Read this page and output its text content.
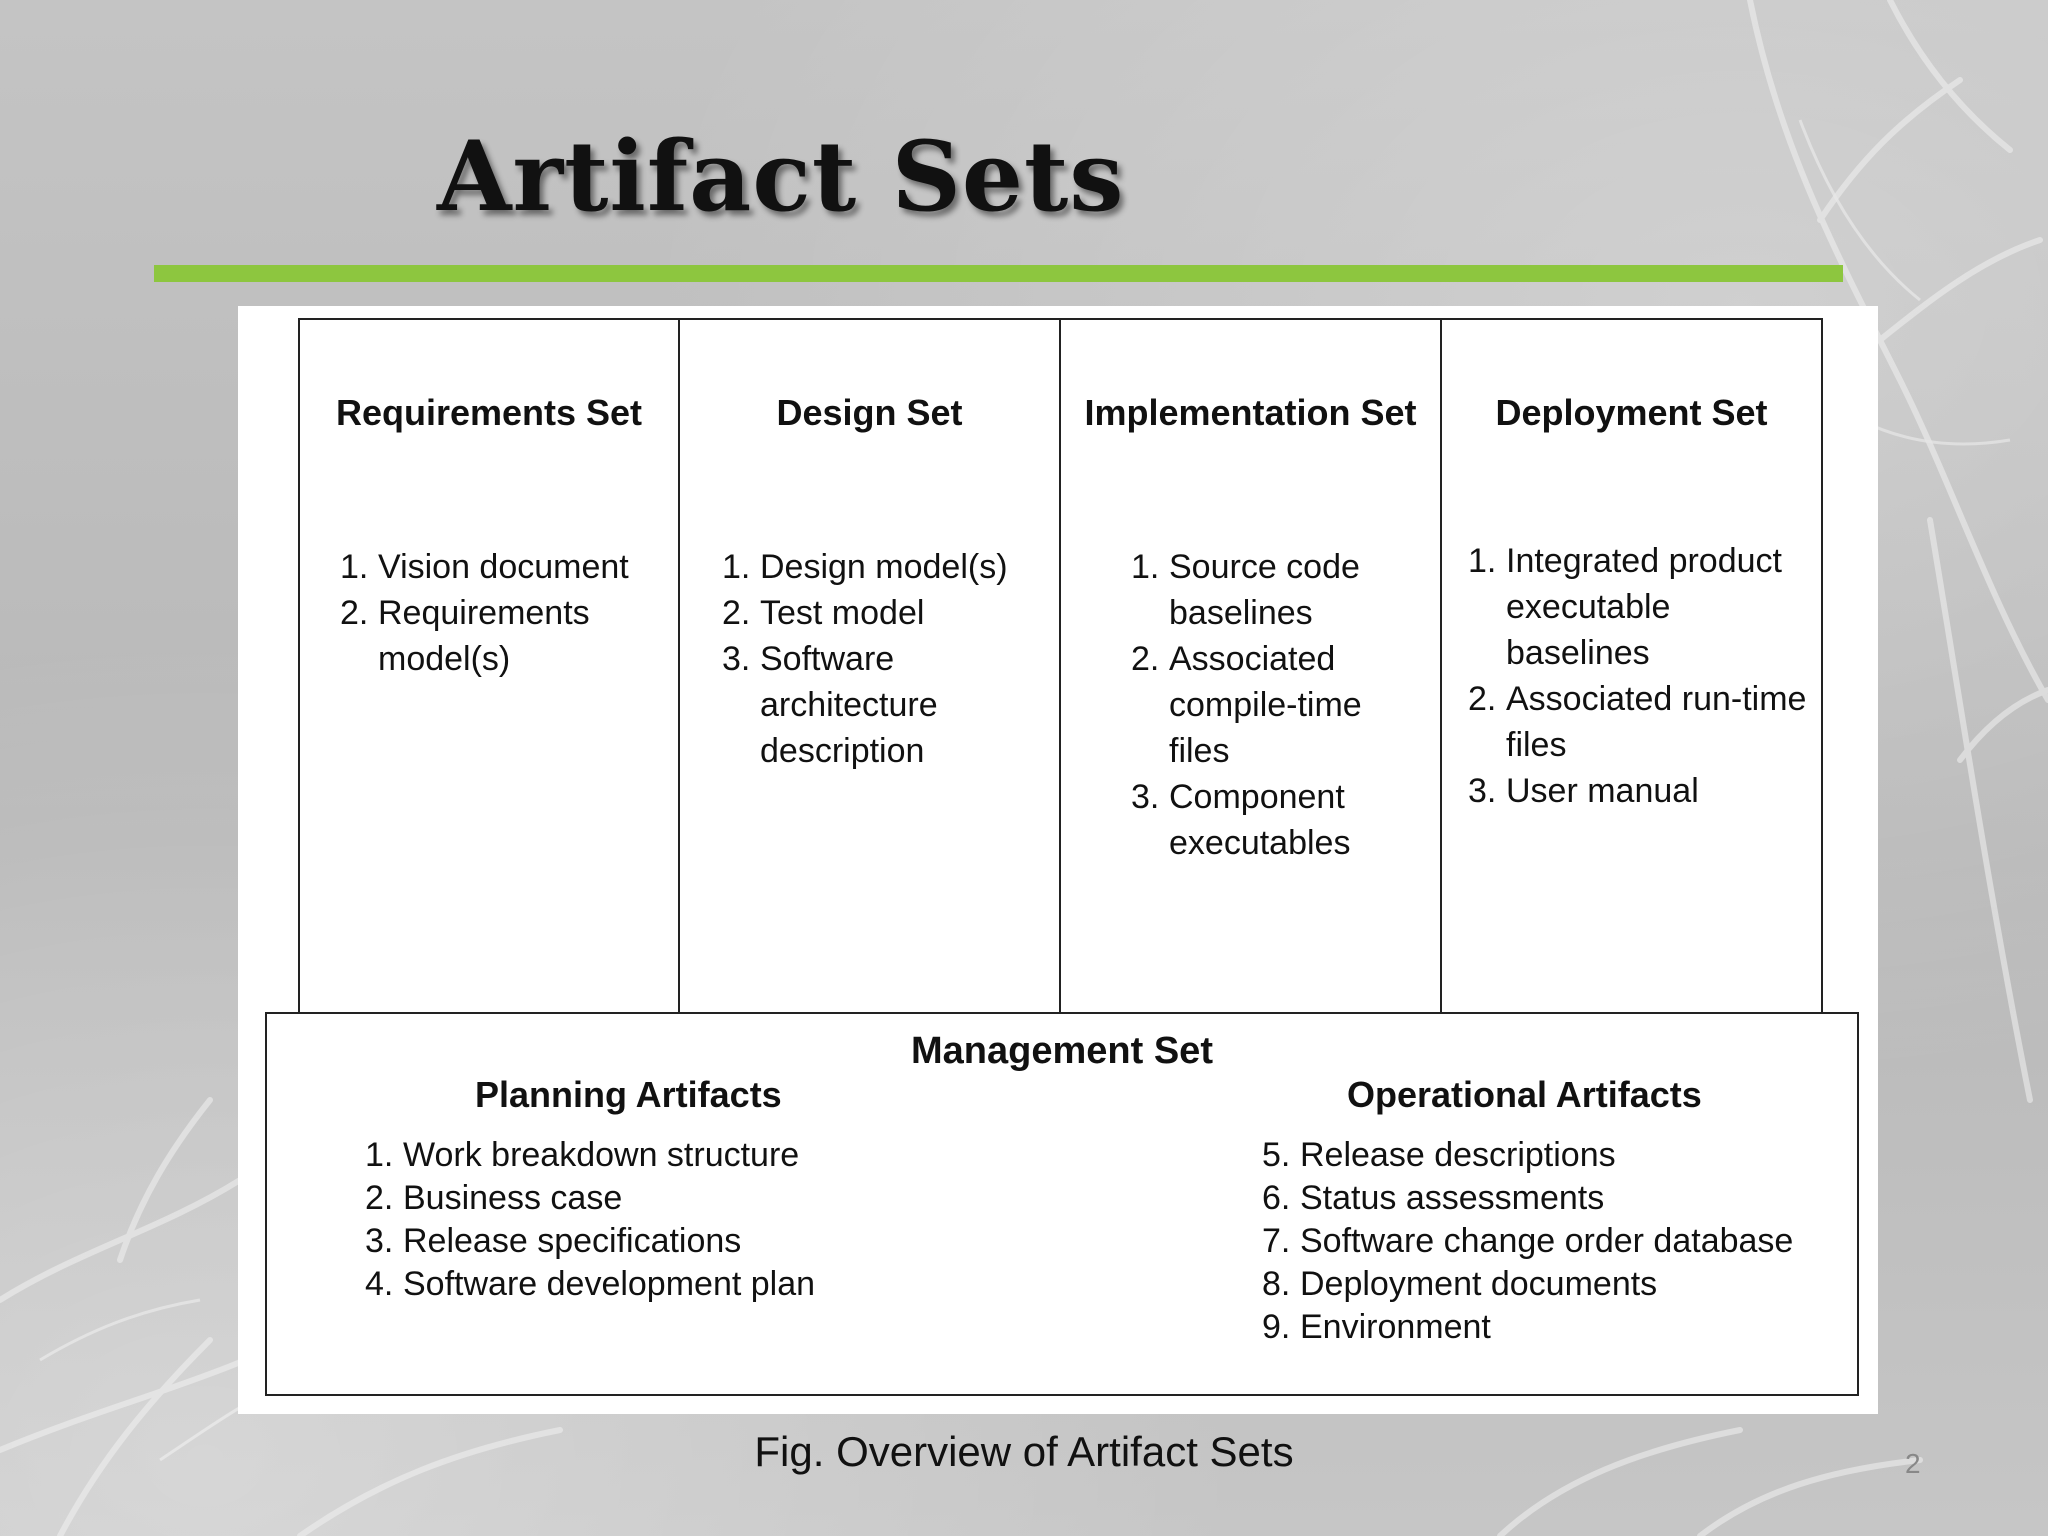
Artifact Sets
Requirements Set
1. Vision document
2. Requirements model(s)
Design Set
1. Design model(s)
2. Test model
3. Software architecture description
Implementation Set
1. Source code baselines
2. Associated compile-time files
3. Component executables
Deployment Set
1. Integrated product executable baselines
2. Associated run-time files
3. User manual
Management Set
Planning Artifacts
1. Work breakdown structure
2. Business case
3. Release specifications
4. Software development plan
Operational Artifacts
5. Release descriptions
6. Status assessments
7. Software change order database
8. Deployment documents
9. Environment
Fig. Overview of Artifact Sets	2
